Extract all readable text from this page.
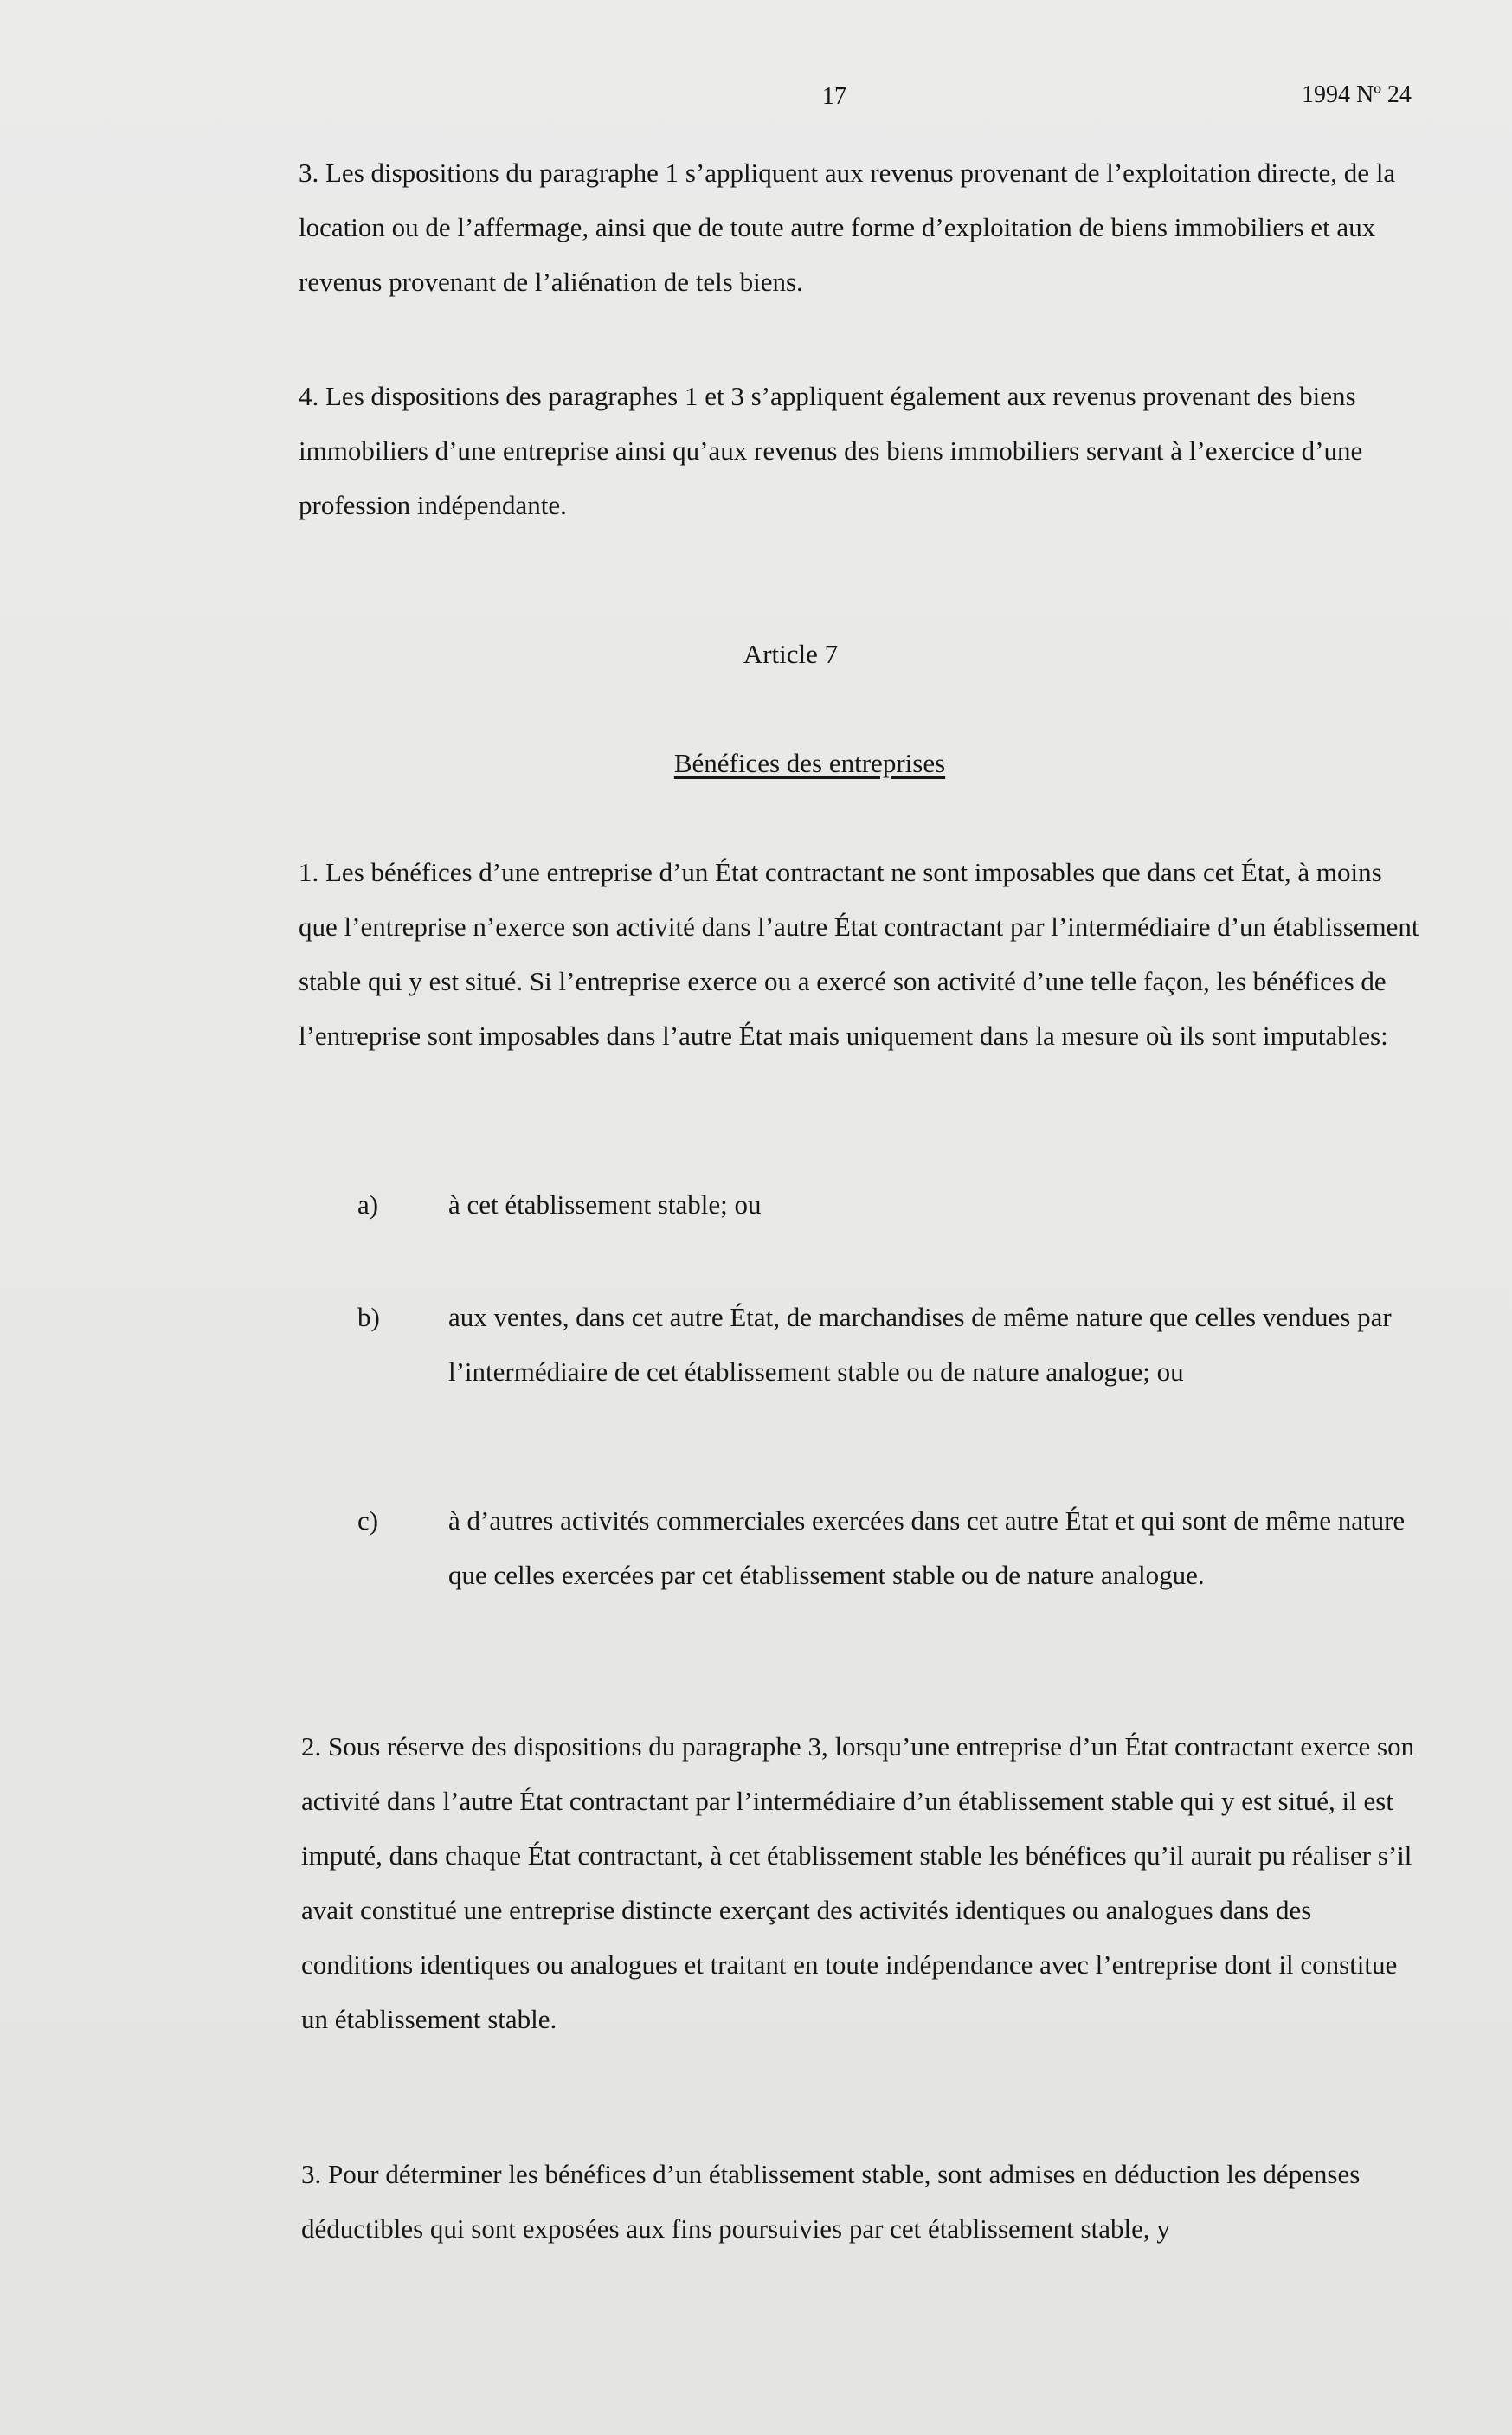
17	1994 Nº 24

3. Les dispositions du paragraphe 1 s’appliquent aux revenus provenant de l’exploitation directe, de la location ou de l’affermage, ainsi que de toute autre forme d’exploitation de biens immobiliers et aux revenus provenant de l’aliénation de tels biens.

4. Les dispositions des paragraphes 1 et 3 s’appliquent également aux revenus provenant des biens immobiliers d’une entreprise ainsi qu’aux revenus des biens immobiliers servant à l’exercice d’une profession indépendante.

Article 7
Bénéfices des entreprises

1. Les bénéfices d’une entreprise d’un État contractant ne sont imposables que dans cet État, à moins que l’entreprise n’exerce son activité dans l’autre État contractant par l’intermédiaire d’un établissement stable qui y est situé. Si l’entreprise exerce ou a exercé son activité d’une telle façon, les bénéfices de l’entreprise sont imposables dans l’autre État mais uniquement dans la mesure où ils sont imputables:

a)	à cet établissement stable; ou
b)	aux ventes, dans cet autre État, de marchandises de même nature que celles vendues par l’intermédiaire de cet établissement stable ou de nature analogue; ou
c)	à d’autres activités commerciales exercées dans cet autre État et qui sont de même nature que celles exercées par cet établissement stable ou de nature analogue.

2. Sous réserve des dispositions du paragraphe 3, lorsqu’une entreprise d’un État contractant exerce son activité dans l’autre État contractant par l’intermédiaire d’un établissement stable qui y est situé, il est imputé, dans chaque État contractant, à cet établissement stable les bénéfices qu’il aurait pu réaliser s’il avait constitué une entreprise distincte exerçant des activités identiques ou analogues dans des conditions identiques ou analogues et traitant en toute indépendance avec l’entreprise dont il constitue un établissement stable.

3. Pour déterminer les bénéfices d’un établissement stable, sont admises en déduction les dépenses déductibles qui sont exposées aux fins poursuivies par cet établissement stable, y
